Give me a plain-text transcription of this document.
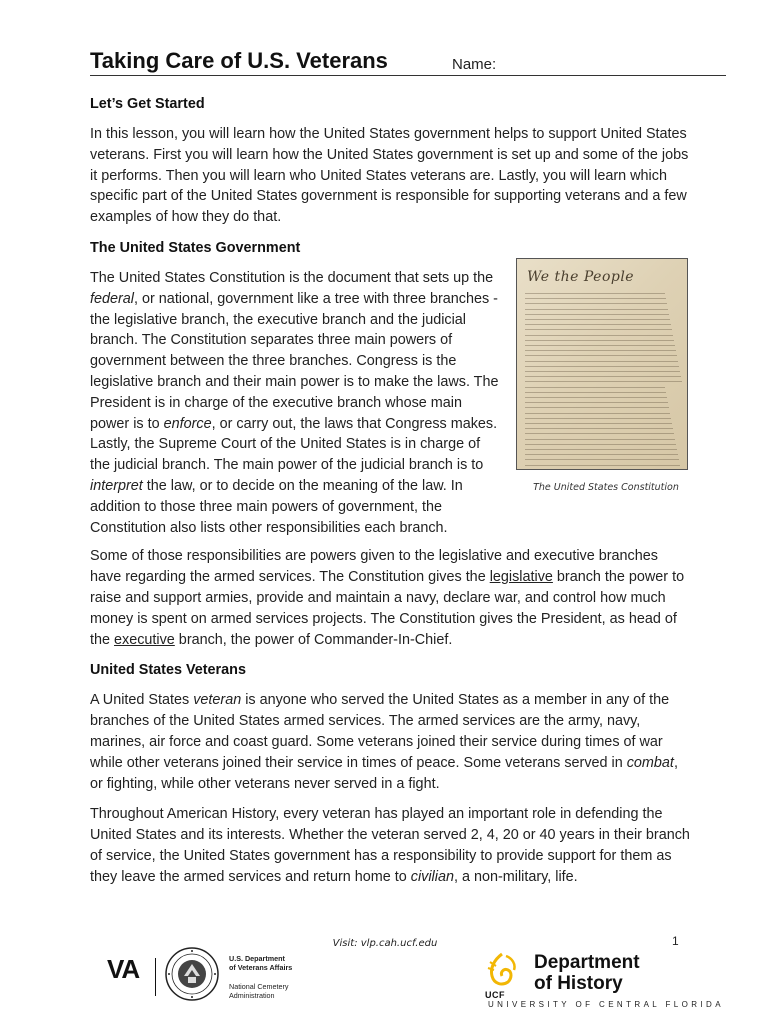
Taking Care of U.S. Veterans	Name:
Let’s Get Started

In this lesson, you will learn how the United States government helps to support United States veterans. First you will learn how the United States government is set up and some of the jobs it performs. Then you will learn who United States veterans are. Lastly, you will learn which specific part of the United States government is responsible for supporting veterans and a few examples of how they do that.

The United States Government
We the People
The United States Constitution

The United States Constitution is the document that sets up the federal, or national, government like a tree with three branches - the legislative branch, the executive branch and the judicial branch. The Constitution separates three main powers of government between the three branches. Congress is the legislative branch and their main power is to make the laws. The President is in charge of the executive branch whose main power is to enforce, or carry out, the laws that Congress makes. Lastly, the Supreme Court of the United States is in charge of the judicial branch. The main power of the judicial branch is to interpret the law, or to decide on the meaning of the law. In addition to those three main powers of government, the Constitution also lists other responsibilities each branch.

Some of those responsibilities are powers given to the legislative and executive branches have regarding the armed services. The Constitution gives the legislative branch the power to raise and support armies, provide and maintain a navy, declare war, and control how much money is spent on armed services projects. The Constitution gives the President, as head of the executive branch, the power of Commander-In-Chief.

United States Veterans

A United States veteran is anyone who served the United States as a member in any of the branches of the United States armed services. The armed services are the army, navy, marines, air force and coast guard. Some veterans joined their service during times of war while other veterans joined their service in times of peace. Some veterans served in combat, or fighting, while other veterans never served in a fight.

Throughout American History, every veteran has played an important role in defending the United States and its interests. Whether the veteran served 2, 4, 20 or 40 years in their branch of service, the United States government has a responsibility to provide support for them as they leave the armed services and return home to civilian, a non-military, life.

1
Visit: vlp.cah.ucf.edu
VA	U.S. Department
of Veterans Affairs
National Cemetery
Administration	UCF
Department
of History
UNIVERSITY OF CENTRAL FLORIDA
